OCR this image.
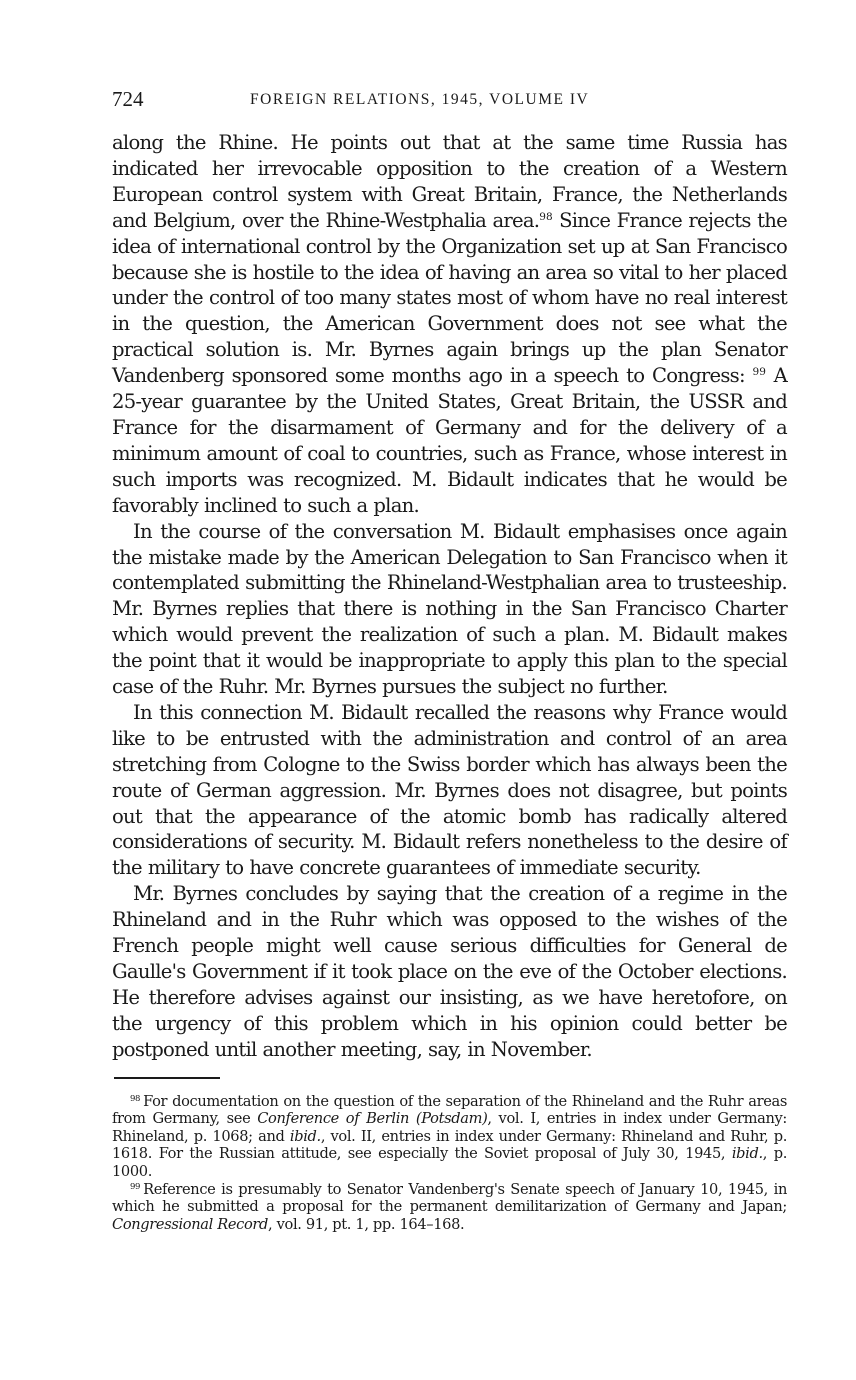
724	FOREIGN RELATIONS, 1945, VOLUME IV

along the Rhine. He points out that at the same time Russia has indicated her irrevocable opposition to the creation of a Western European control system with Great Britain, France, the Netherlands and Belgium, over the Rhine-Westphalia area.$^{98}$ Since France rejects the idea of international control by the Organization set up at San Francisco because she is hostile to the idea of having an area so vital to her placed under the control of too many states most of whom have no real interest in the question, the American Government does not see what the practical solution is. Mr. Byrnes again brings up the plan Senator Vandenberg sponsored some months ago in a speech to Congress: $^{99}$ A 25-year guarantee by the United States, Great Britain, the USSR and France for the disarmament of Germany and for the delivery of a minimum amount of coal to countries, such as France, whose interest in such imports was recognized. M. Bidault indicates that he would be favorably inclined to such a plan.

In the course of the conversation M. Bidault emphasises once again the mistake made by the American Delegation to San Francisco when it contemplated submitting the Rhineland-Westphalian area to trusteeship. Mr. Byrnes replies that there is nothing in the San Francisco Charter which would prevent the realization of such a plan. M. Bidault makes the point that it would be inappropriate to apply this plan to the special case of the Ruhr. Mr. Byrnes pursues the subject no further.

In this connection M. Bidault recalled the reasons why France would like to be entrusted with the administration and control of an area stretching from Cologne to the Swiss border which has always been the route of German aggression. Mr. Byrnes does not disagree, but points out that the appearance of the atomic bomb has radically altered considerations of security. M. Bidault refers nonetheless to the desire of the military to have concrete guarantees of immediate security.

Mr. Byrnes concludes by saying that the creation of a regime in the Rhineland and in the Ruhr which was opposed to the wishes of the French people might well cause serious difficulties for General de Gaulle's Government if it took place on the eve of the October elections. He therefore advises against our insisting, as we have heretofore, on the urgency of this problem which in his opinion could better be postponed until another meeting, say, in November.

$^{98}$ For documentation on the question of the separation of the Rhineland and the Ruhr areas from Germany, see Conference of Berlin (Potsdam), vol. I, entries in index under Germany: Rhineland, p. 1068; and ibid., vol. II, entries in index under Germany: Rhineland and Ruhr, p. 1618. For the Russian attitude, see especially the Soviet proposal of July 30, 1945, ibid., p. 1000.

$^{99}$ Reference is presumably to Senator Vandenberg's Senate speech of January 10, 1945, in which he submitted a proposal for the permanent demilitarization of Germany and Japan; Congressional Record, vol. 91, pt. 1, pp. 164–168.
